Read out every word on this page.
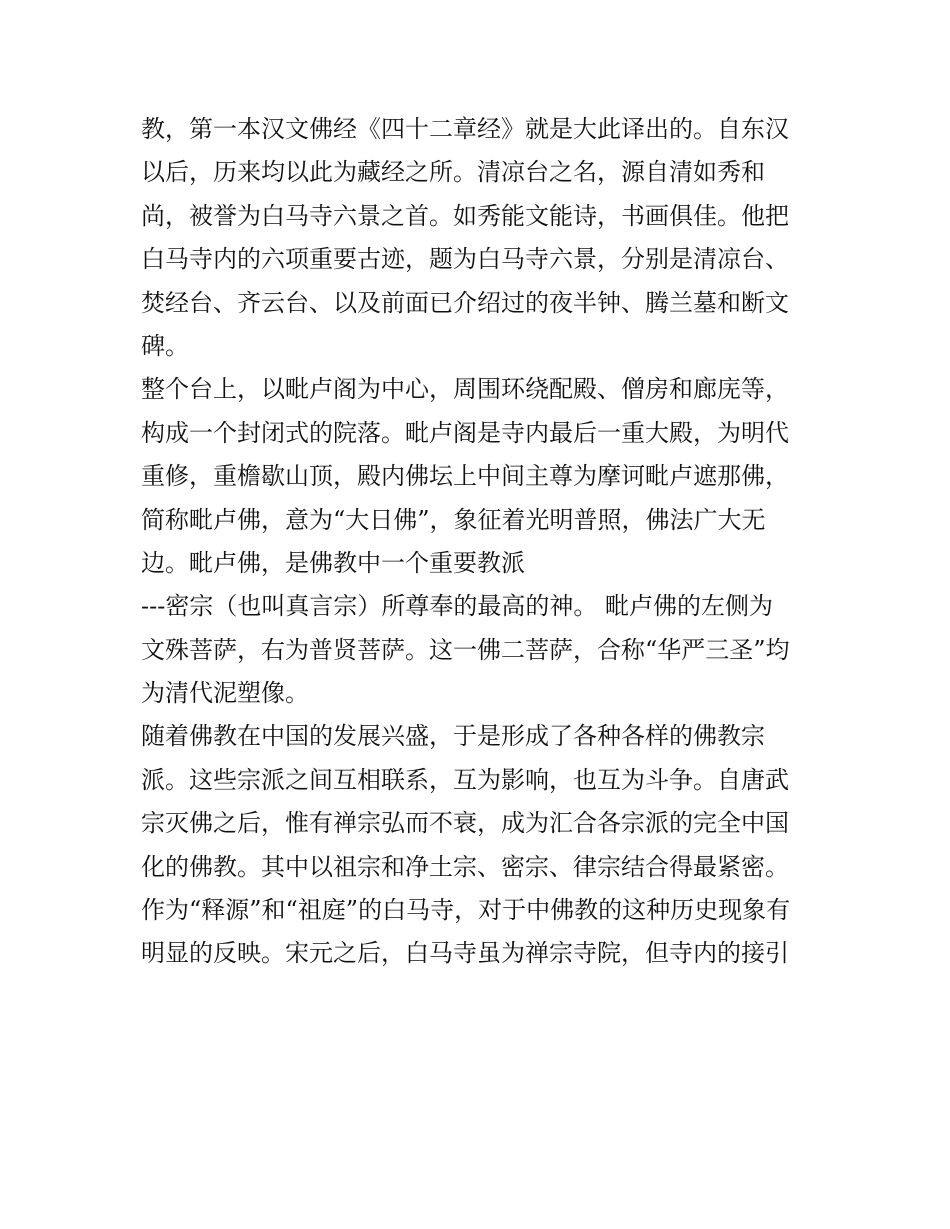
教，第一本汉文佛经《四十二章经》就是大此译出的。自东汉
以后，历来均以此为藏经之所。清凉台之名，源自清如秀和
尚，被誉为白马寺六景之首。如秀能文能诗，书画俱佳。他把
白马寺内的六项重要古迹，题为白马寺六景，分别是清凉台、
焚经台、齐云台、以及前面已介绍过的夜半钟、腾兰墓和断文
碑。
整个台上，以毗卢阁为中心，周围环绕配殿、僧房和廊庑等，
构成一个封闭式的院落。毗卢阁是寺内最后一重大殿，为明代
重修，重檐歇山顶，殿内佛坛上中间主尊为摩诃毗卢遮那佛，
简称毗卢佛，意为“大日佛”，象征着光明普照，佛法广大无
边。毗卢佛，是佛教中一个重要教派
---密宗（也叫真言宗）所尊奉的最高的神。 毗卢佛的左侧为
文殊菩萨，右为普贤菩萨。这一佛二菩萨，合称“华严三圣”均
为清代泥塑像。
随着佛教在中国的发展兴盛，于是形成了各种各样的佛教宗
派。这些宗派之间互相联系，互为影响，也互为斗争。自唐武
宗灭佛之后，惟有禅宗弘而不衰，成为汇合各宗派的完全中国
化的佛教。其中以祖宗和净土宗、密宗、律宗结合得最紧密。
作为“释源”和“祖庭”的白马寺，对于中佛教的这种历史现象有
明显的反映。宋元之后，白马寺虽为禅宗寺院，但寺内的接引
